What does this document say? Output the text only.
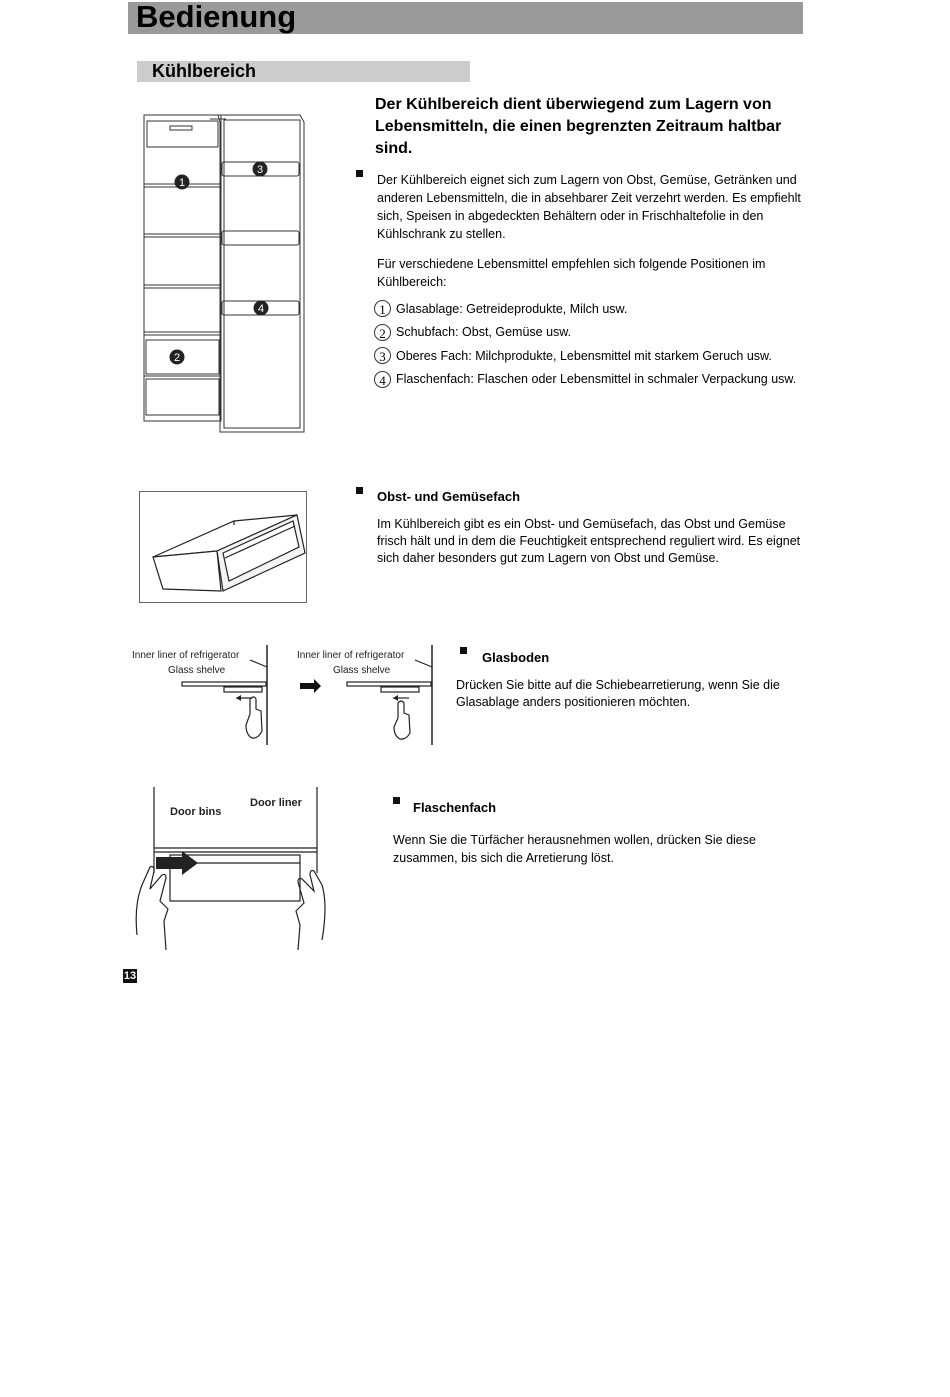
Bedienung
Kühlbereich
1
2
3
4
Der Kühlbereich dient überwiegend zum Lagern von Lebensmitteln, die einen begrenzten Zeitraum haltbar sind.
Der Kühlbereich eignet sich zum Lagern von Obst, Gemüse, Getränken und anderen Lebensmitteln, die in absehbarer Zeit verzehrt werden. Es empfiehlt sich, Speisen in abgedeckten Behältern oder in Frischhaltefolie in den Kühlschrank zu stellen.
Für verschiedene Lebensmittel empfehlen sich folgende Positionen im Kühlbereich:
1 Glasablage: Getreideprodukte, Milch usw.
2 Schubfach: Obst, Gemüse usw.
3 Oberes Fach: Milchprodukte, Lebensmittel mit starkem Geruch usw.
4 Flaschenfach: Flaschen oder Lebensmittel in schmaler Verpackung usw.
Obst- und Gemüsefach
Im Kühlbereich gibt es ein Obst- und Gemüsefach, das Obst und Gemüse frisch hält und in dem die Feuchtigkeit entsprechend reguliert wird. Es eignet sich daher besonders gut zum Lagern von Obst und Gemüse.
Inner liner of refrigerator
Glass shelve
Inner liner of refrigerator
Glass shelve
Glasboden
Drücken Sie bitte auf die Schiebearretierung, wenn Sie die Glasablage anders positionieren möchten.
Door bins
Door liner	Flaschenfach
Wenn Sie die Türfächer herausnehmen wollen, drücken Sie diese zusammen, bis sich die Arretierung löst.
13
